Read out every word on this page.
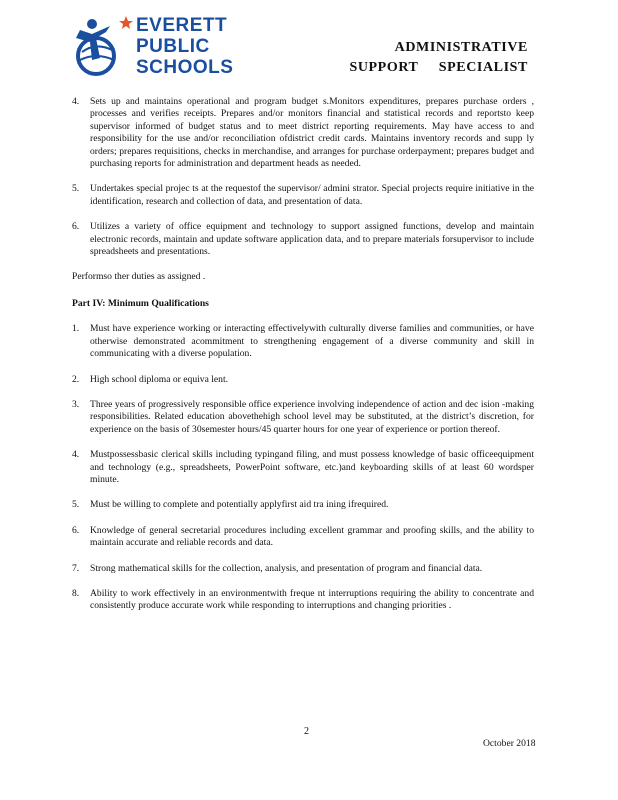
EVERETT
PUBLIC
SCHOOLS
ADMINISTRATIVE
SUPPORT     SPECIALIST
4.	Sets up and maintains operational and program budget s.Monitors expenditures, prepares purchase orders , processes and verifies receipts. Prepares and/or monitors financial and statistical records and reportsto keep supervisor informed of budget status and to meet district reporting requirements. May have access to and responsibility for the use and/or reconciliation ofdistrict credit cards. Maintains inventory records and supp ly orders; prepares requisitions, checks in merchandise, and arranges for purchase orderpayment; prepares budget and purchasing reports for administration and department heads as needed.
5.	Undertakes special projec ts at the requestof the supervisor/ admini strator. Special projects require initiative in the identification, research and collection of data, and presentation of data.
6.	Utilizes a variety of office equipment and technology to support assigned functions, develop and maintain electronic records, maintain and update software application data, and to prepare materials forsupervisor to include spreadsheets and presentations.
Performso ther duties as assigned .
Part IV: Minimum Qualifications
1.	Must have experience working or interacting effectivelywith culturally diverse families and communities, or have otherwise demonstrated acommitment to strengthening engagement of a diverse community and skill in communicating with a diverse population.
2.	High school diploma or equiva lent.
3.	Three years of progressively responsible office experience involving independence of action and dec ision -making responsibilities. Related education abovethehigh school level may be substituted, at the district’s discretion, for experience on the basis of 30semester hours/45 quarter hours for one year of experience or portion thereof.
4.	Mustpossessbasic clerical skills including typingand filing, and must possess knowledge of basic officeequipment and technology (e.g., spreadsheets, PowerPoint software, etc.)and keyboarding skills of at least 60 wordsper minute.
5.	Must be willing to complete and potentially applyfirst aid tra ining ifrequired.
6.	Knowledge of general secretarial procedures including excellent grammar and proofing skills, and the ability to maintain accurate and reliable records and data.
7.	Strong mathematical skills for the collection, analysis, and presentation of program and financial data.
8.	Ability to work effectively in an environmentwith freque nt interruptions requiring the ability to concentrate and consistently produce accurate work while responding to interruptions and changing priorities .
2
October 2018
